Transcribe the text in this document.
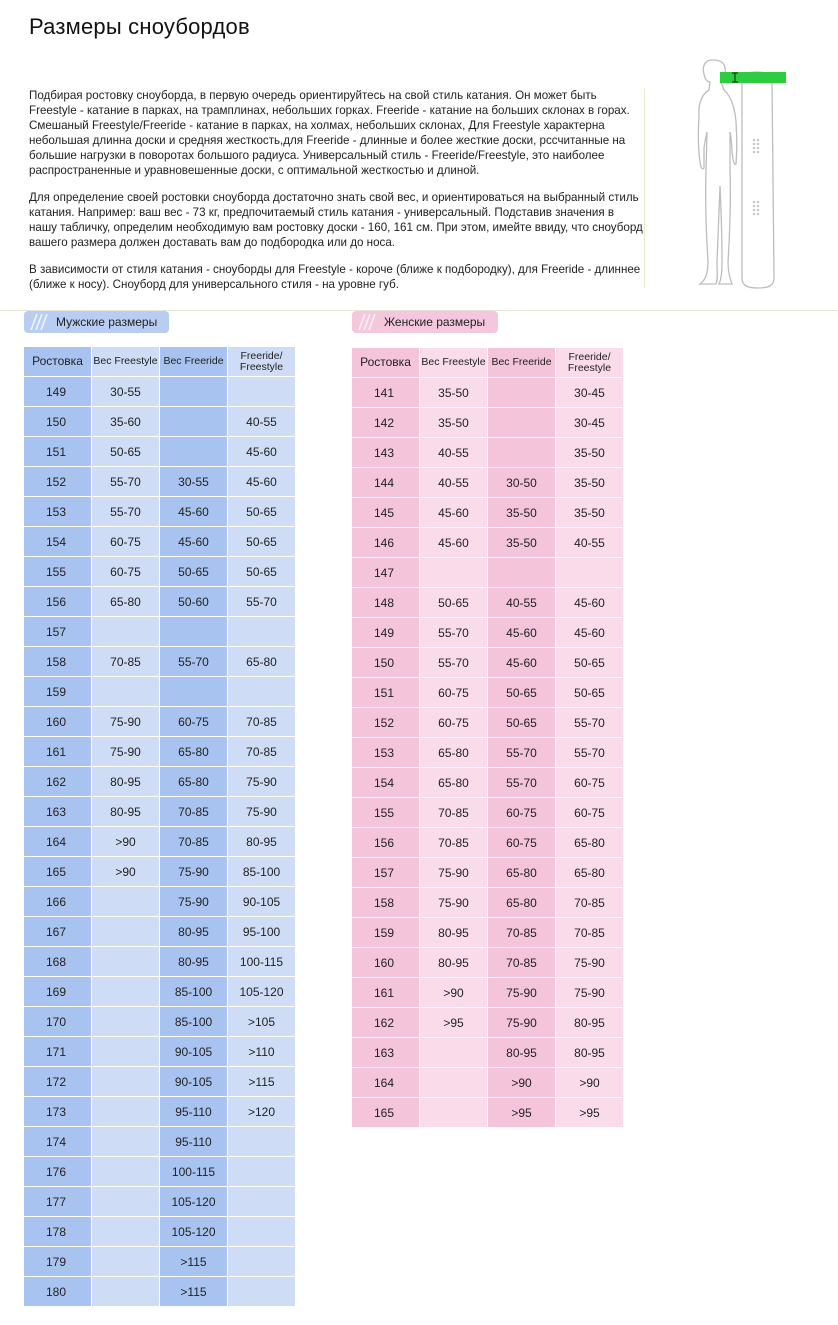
Размеры сноубордов

Подбирая ростовку сноуборда, в первую очередь ориентируйтесь на свой стиль катания. Он может быть Freestyle - катание в парках, на трамплинах, небольших горках. Freeride - катание на больших склонах в горах. Смешаный Freestyle/Freeride - катание в парках, на холмах, небольших склонах, Для Freestyle характерна небольшая длинна доски и средняя жесткость,для Freeride - длинные и более жесткие доски, рссчитанные на большие нагрузки в поворотах большого радиуса. Универсальный стиль - Freeride/Freestyle, это наиболее распространенные и уравновешенные доски, с оптимальной жесткостью и длиной.

Для определение своей ростовки сноуборда достаточно знать свой вес, и ориентироваться на выбранный стиль катания. Например: ваш вес - 73 кг, предпочитаемый стиль катания - универсальный. Подставив значения в нашу табличку, определим необходимую вам ростовку доски - 160, 161 см. При этом, имейте ввиду, что сноуборд вашего размера должен доставать вам до подбородка или до носа.

В зависимости от стиля катания - сноуборды для Freestyle - короче (ближе к подбородку), для Freeride - длиннее (ближе к носу). Сноуборд для универсального стиля - на уровне губ.

Мужские размеры	Женские размеры
Ростовка	Вес Freestyle	Вес Freeride	Freeride/ Freestyle
149	30-55		
150	35-60		40-55
151	50-65		45-60
152	55-70	30-55	45-60
153	55-70	45-60	50-65
154	60-75	45-60	50-65
155	60-75	50-65	50-65
156	65-80	50-60	55-70
157			
158	70-85	55-70	65-80
159			
160	75-90	60-75	70-85
161	75-90	65-80	70-85
162	80-95	65-80	75-90
163	80-95	70-85	75-90
164	>90	70-85	80-95
165	>90	75-90	85-100
166		75-90	90-105
167		80-95	95-100
168		80-95	100-115
169		85-100	105-120
170		85-100	>105
171		90-105	>110
172		90-105	>115
173		95-110	>120
174		95-110	
176		100-115	
177		105-120	
178		105-120	
179		>115	
180		>115	
Ростовка	Вес Freestyle	Вес Freeride	Freeride/ Freestyle
141	35-50		30-45
142	35-50		30-45
143	40-55		35-50
144	40-55	30-50	35-50
145	45-60	35-50	35-50
146	45-60	35-50	40-55
147			
148	50-65	40-55	45-60
149	55-70	45-60	45-60
150	55-70	45-60	50-65
151	60-75	50-65	50-65
152	60-75	50-65	55-70
153	65-80	55-70	55-70
154	65-80	55-70	60-75
155	70-85	60-75	60-75
156	70-85	60-75	65-80
157	75-90	65-80	65-80
158	75-90	65-80	70-85
159	80-95	70-85	70-85
160	80-95	70-85	75-90
161	>90	75-90	75-90
162	>95	75-90	80-95
163		80-95	80-95
164		>90	>90
165		>95	>95
